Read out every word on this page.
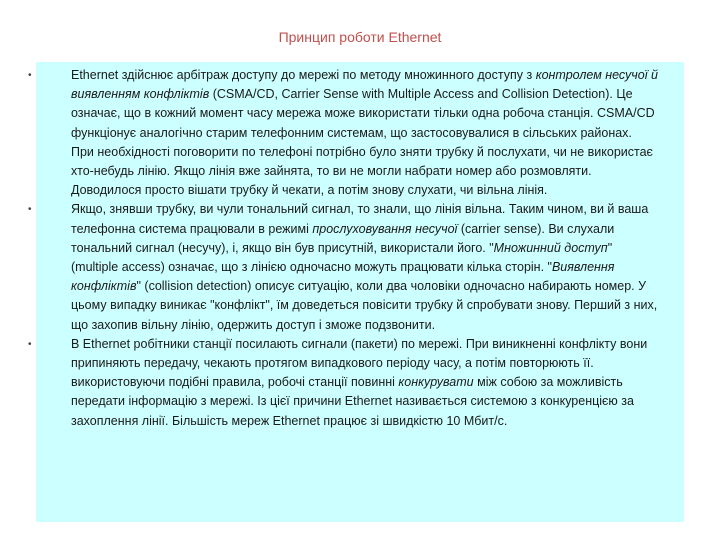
Принцип роботи Ethernet
•	Ethernet здійснює арбітраж доступу до мережі по методу множинного доступу з контролем несучої й виявленням конфліктів (CSMA/CD, Carrier Sense with Multiple Access and Collision Detection). Це означає, що в кожний момент часу мережа може використати тільки одна робоча станція. CSMA/CD функціонує аналогічно старим телефонним системам, що застосовувалися в сільських районах. При необхідності поговорити по телефоні потрібно було зняти трубку й послухати, чи не використає хто-небудь лінію. Якщо лінія вже зайнята, то ви не могли набрати номер або розмовляти. Доводилося просто вішати трубку й чекати, а потім знову слухати, чи вільна лінія.
•	Якщо, знявши трубку, ви чули тональний сигнал, то знали, що лінія вільна. Таким чином, ви й ваша телефонна система працювали в режимі прослуховування несучої (carrier sense). Ви слухали тональний сигнал (несучу), і, якщо він був присутній, використали його. "Множинний доступ" (multiple access) означає, що з лінією одночасно можуть працювати кілька сторін. "Виявлення конфліктів" (collision detection) описує ситуацію, коли два чоловіки одночасно набирають номер. У цьому випадку виникає "конфлікт", їм доведеться повісити трубку й спробувати знову. Перший з них, що захопив вільну лінію, одержить доступ і зможе подзвонити.
•	В Ethernet робітники станції посилають сигнали (пакети) по мережі. При виникненні конфлікту вони припиняють передачу, чекають протягом випадкового періоду часу, а потім повторюють її. використовуючи подібні правила, робочі станції повинні конкурувати між собою за можливість передати інформацію з мережі. Із цієї причини Ethernet називається системою з конкуренцією за захоплення лінії. Більшість мереж Ethernet працює зі швидкістю 10 Мбит/с.
